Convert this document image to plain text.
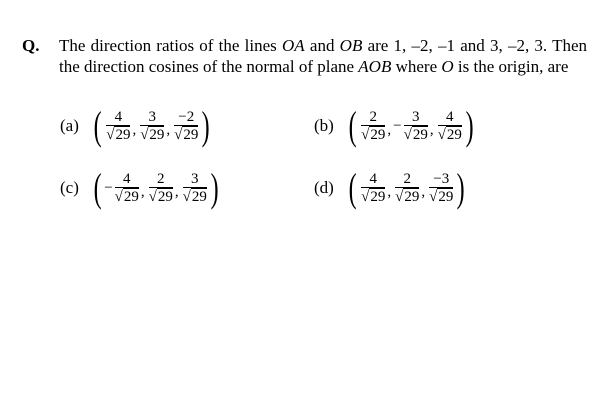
Q. The direction ratios of the lines OA and OB are 1, –2, –1 and 3, –2, 3. Then the direction cosines of the normal of plane AOB where O is the origin, are
(a) ( $\frac{4}{√29}$ , $\frac{3}{√29}$ , $\frac{-2}{√29}$ )	(b) ( $\frac{2}{√29}$ , − $\frac{3}{√29}$ , $\frac{4}{√29}$ )
(c) ( − $\frac{4}{√29}$ , $\frac{2}{√29}$ , $\frac{3}{√29}$ )	(d) ( $\frac{4}{√29}$ , $\frac{2}{√29}$ , $\frac{-3}{√29}$ )
